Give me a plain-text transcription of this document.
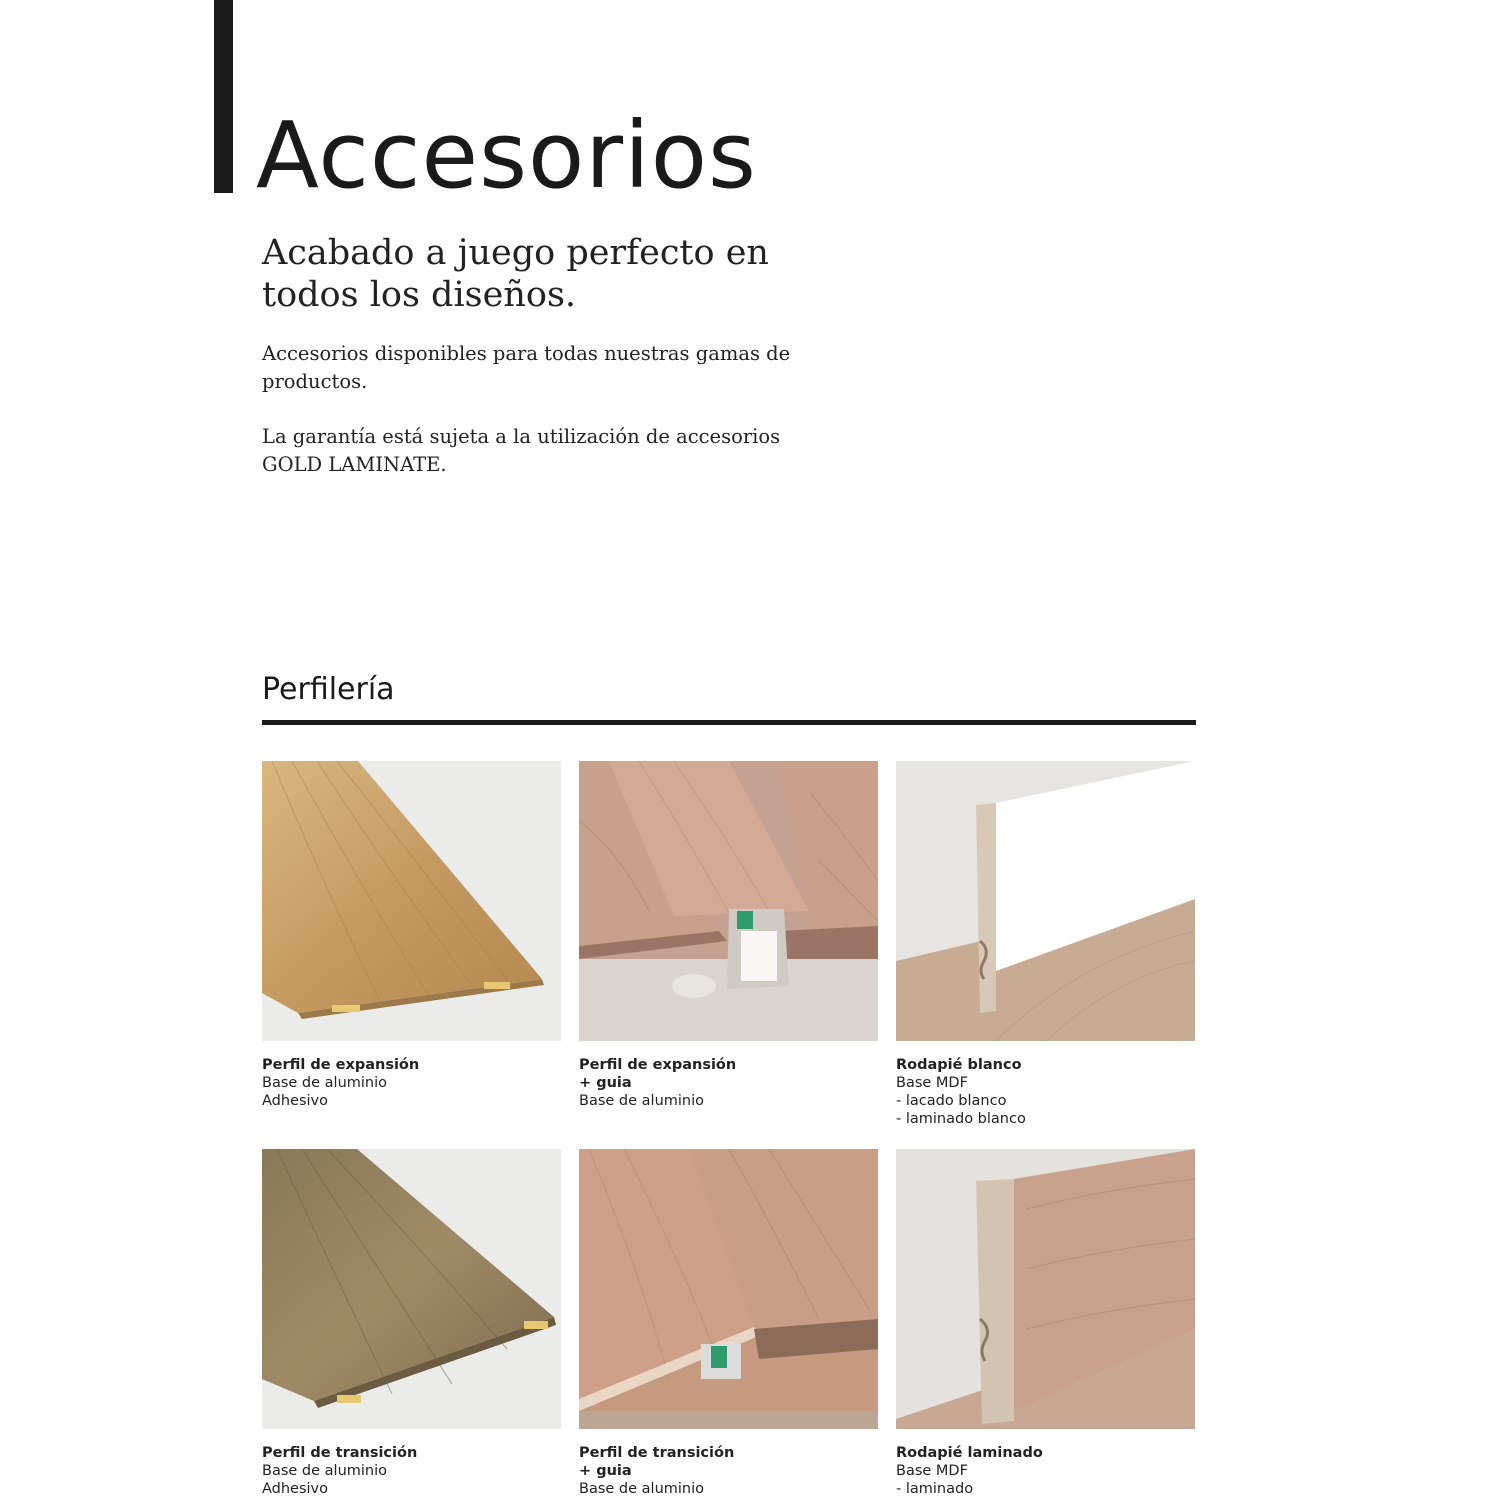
Accesorios
Acabado a juego perfecto en todos los diseños.

Accesorios disponibles para todas nuestras gamas de productos.

La garantía está sujeta a la utilización de accesorios GOLD LAMINATE.

Perfilería
Perfil de expansión
Base de aluminio
Adhesivo
Perfil de expansión + guia
Base de aluminio
Rodapié blanco
Base MDF
- lacado blanco
- laminado blanco
Perfil de transición
Base de aluminio
Adhesivo
Perfil de transición + guia
Base de aluminio
Rodapié laminado
Base MDF
- laminado
